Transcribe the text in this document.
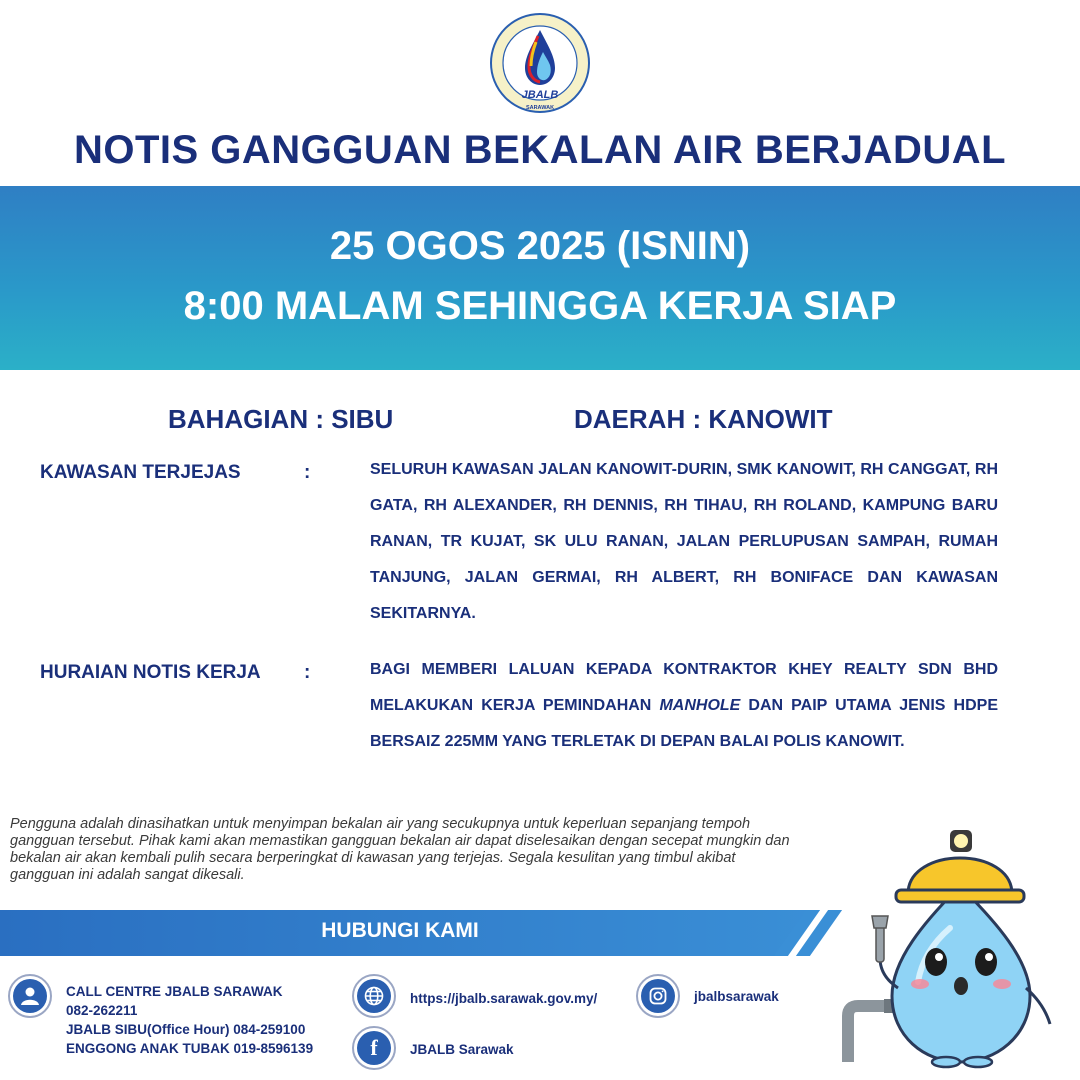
JBALB
SARAWAK
NOTIS GANGGUAN BEKALAN AIR BERJADUAL
25 OGOS 2025 (ISNIN)
8:00 MALAM SEHINGGA KERJA SIAP
BAHAGIAN : SIBU	DAERAH : KANOWIT
KAWASAN TERJEJAS	:	SELURUH KAWASAN JALAN KANOWIT-DURIN, SMK KANOWIT, RH CANGGAT, RH GATA, RH ALEXANDER, RH DENNIS, RH TIHAU, RH ROLAND, KAMPUNG BARU RANAN, TR KUJAT, SK ULU RANAN, JALAN PERLUPUSAN SAMPAH, RUMAH TANJUNG, JALAN GERMAI, RH ALBERT, RH BONIFACE DAN KAWASAN SEKITARNYA.
HURAIAN NOTIS KERJA :	BAGI MEMBERI LALUAN KEPADA KONTRAKTOR KHEY REALTY SDN BHD MELAKUKAN KERJA PEMINDAHAN MANHOLE DAN PAIP UTAMA JENIS HDPE BERSAIZ 225MM YANG TERLETAK DI DEPAN BALAI POLIS KANOWIT.
Pengguna adalah dinasihatkan untuk menyimpan bekalan air yang secukupnya untuk keperluan sepanjang tempoh gangguan tersebut. Pihak kami akan memastikan gangguan bekalan air dapat diselesaikan dengan secepat mungkin dan bekalan air akan kembali pulih secara berperingkat di kawasan yang terjejas. Segala kesulitan yang timbul akibat gangguan ini adalah sangat dikesali.
HUBUNGI KAMI
CALL CENTRE JBALB SARAWAK
082-262211
JBALB SIBU(Office Hour) 084-259100
ENGGONG ANAK TUBAK 019-8596139
https://jbalb.sarawak.gov.my/
f	JBALB Sarawak
jbalbsarawak
